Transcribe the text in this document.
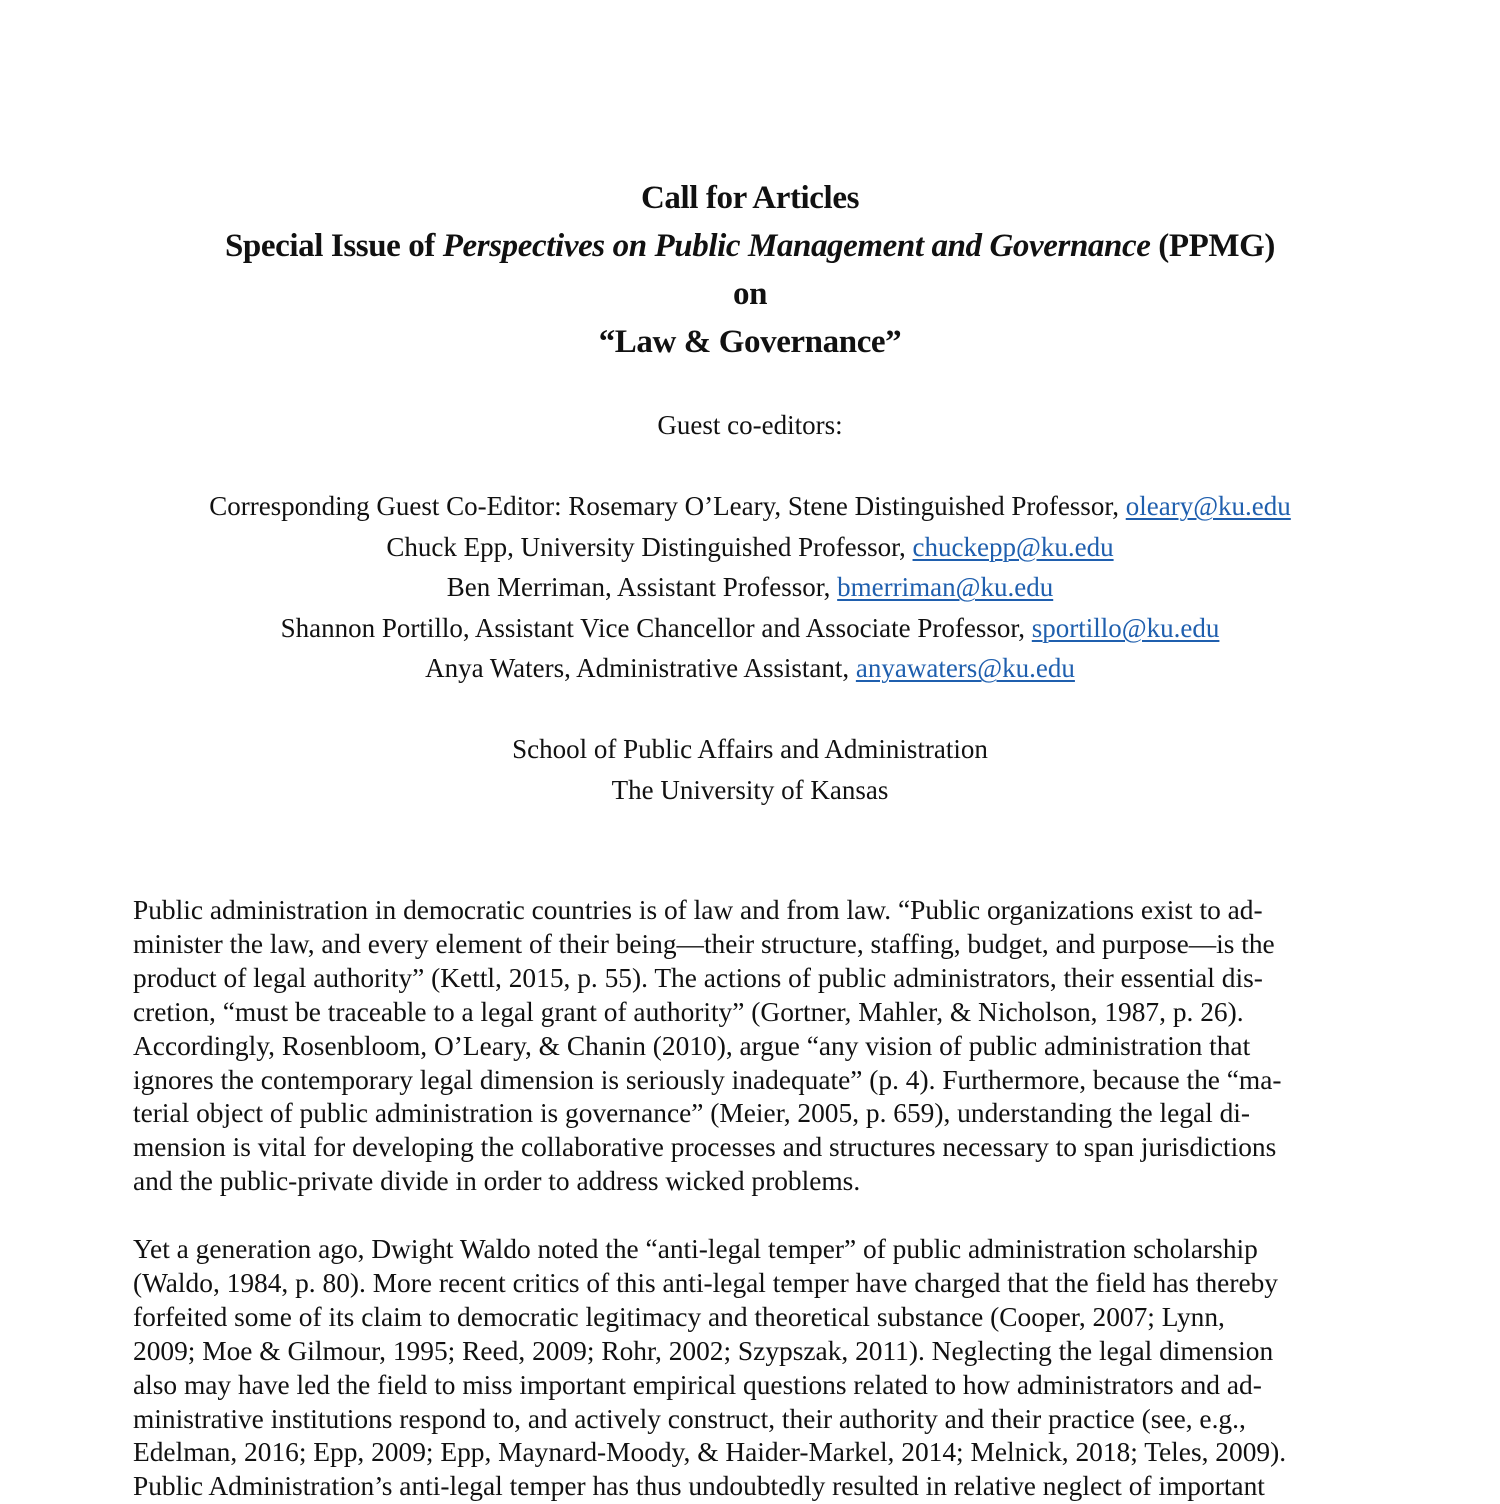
Call for Articles
Special Issue of Perspectives on Public Management and Governance (PPMG)
on
“Law & Governance”
Guest co-editors:
Corresponding Guest Co-Editor: Rosemary O’Leary, Stene Distinguished Professor, oleary@ku.edu
Chuck Epp, University Distinguished Professor, chuckepp@ku.edu
Ben Merriman, Assistant Professor, bmerriman@ku.edu
Shannon Portillo, Assistant Vice Chancellor and Associate Professor, sportillo@ku.edu
Anya Waters, Administrative Assistant, anyawaters@ku.edu
School of Public Affairs and Administration
The University of Kansas
Public administration in democratic countries is of law and from law. “Public organizations exist to ad-
minister the law, and every element of their being—their structure, staffing, budget, and purpose—is the
product of legal authority” (Kettl, 2015, p. 55). The actions of public administrators, their essential dis-
cretion, “must be traceable to a legal grant of authority” (Gortner, Mahler, & Nicholson, 1987, p. 26).
Accordingly, Rosenbloom, O’Leary, & Chanin (2010), argue “any vision of public administration that
ignores the contemporary legal dimension is seriously inadequate” (p. 4). Furthermore, because the “ma-
terial object of public administration is governance” (Meier, 2005, p. 659), understanding the legal di-
mension is vital for developing the collaborative processes and structures necessary to span jurisdictions
and the public-private divide in order to address wicked problems.
Yet a generation ago, Dwight Waldo noted the “anti-legal temper” of public administration scholarship
(Waldo, 1984, p. 80). More recent critics of this anti-legal temper have charged that the field has thereby
forfeited some of its claim to democratic legitimacy and theoretical substance (Cooper, 2007; Lynn,
2009; Moe & Gilmour, 1995; Reed, 2009; Rohr, 2002; Szypszak, 2011). Neglecting the legal dimension
also may have led the field to miss important empirical questions related to how administrators and ad-
ministrative institutions respond to, and actively construct, their authority and their practice (see, e.g.,
Edelman, 2016; Epp, 2009; Epp, Maynard-Moody, & Haider-Markel, 2014; Melnick, 2018; Teles, 2009).
Public Administration’s anti-legal temper has thus undoubtedly resulted in relative neglect of important
